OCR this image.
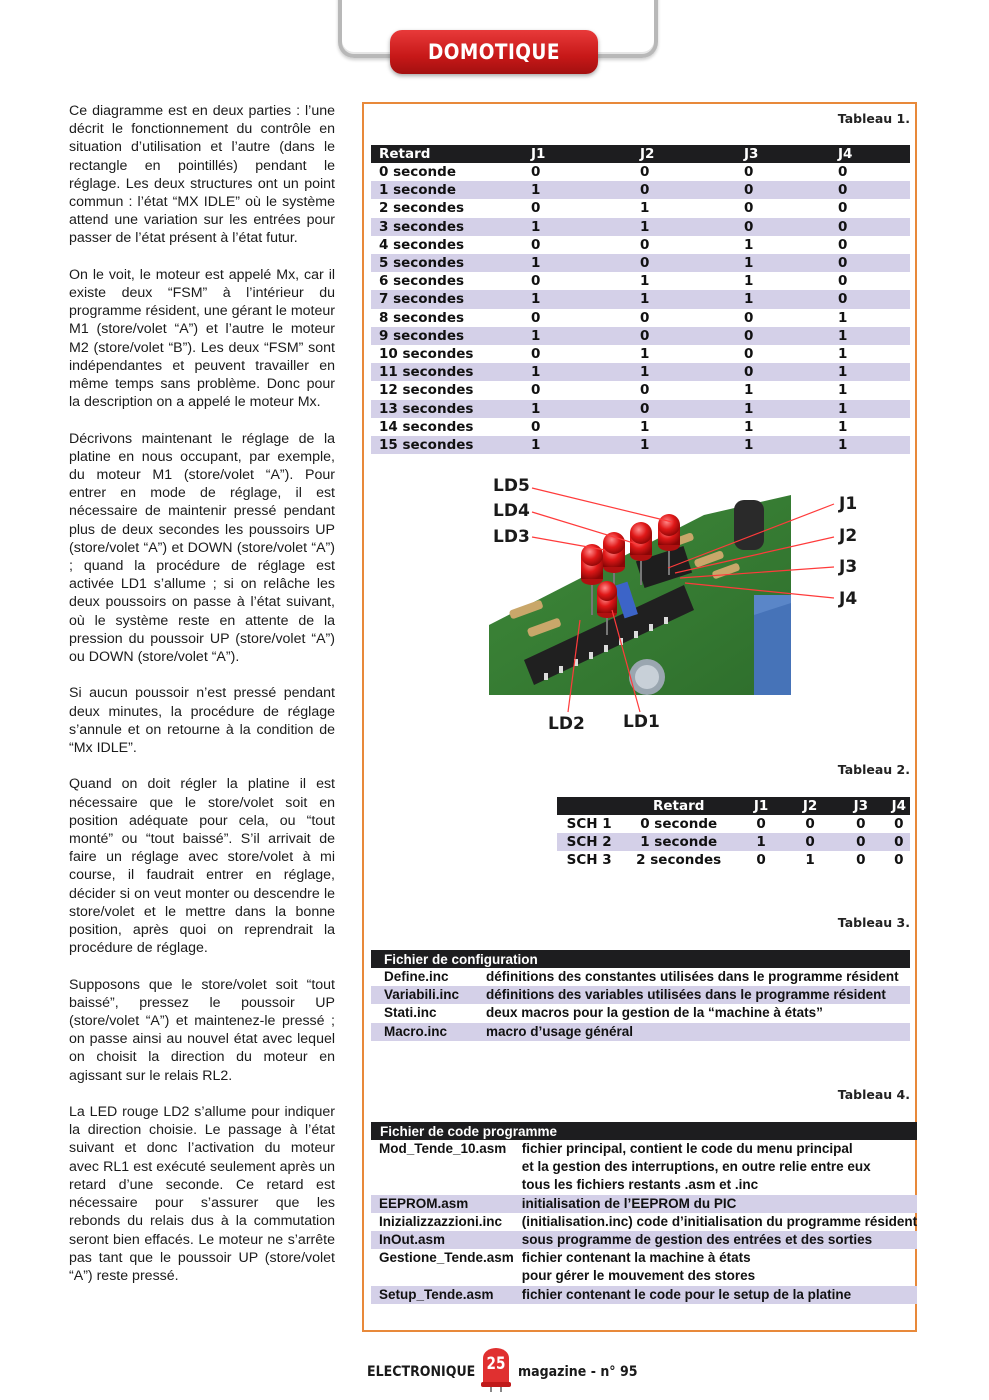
DOMOTIQUE

Ce diagramme est en deux parties : l’une décrit le fonctionnement du contrôle en situation d’utilisation et l’autre (dans le rectangle en pointillés) pendant le réglage. Les deux structures ont un point commun : l’état “MX IDLE” où le système attend une variation sur les entrées pour passer de l’état présent à l’état futur.

On le voit, le moteur est appelé Mx, car il existe deux “FSM” à l’intérieur du programme résident, une gérant le moteur M1 (store/volet “A”) et l’autre le moteur M2 (store/volet “B”). Les deux “FSM” sont indépendantes et peuvent travailler en même temps sans problème. Donc pour la description on a appelé le moteur Mx.

Décrivons maintenant le réglage de la platine en nous occupant, par exemple, du moteur M1 (store/volet “A”). Pour entrer en mode de réglage, il est nécessaire de maintenir pressé pendant plus de deux secondes les poussoirs UP (store/volet “A”) et DOWN (store/volet “A”) ; quand la procédure de réglage est activée LD1 s’allume ; si on relâche les deux poussoirs on passe à l’état suivant, où le système reste en attente de la pression du poussoir UP (store/volet “A”) ou DOWN (store/volet “A”).

Si aucun poussoir n’est pressé pendant deux minutes, la procédure de réglage s’annule et on retourne à la condition de “Mx IDLE”.

Quand on doit régler la platine il est nécessaire que le store/volet soit en position adéquate pour cela, ou “tout monté” ou “tout baissé”. S’il arrivait de faire un réglage avec store/volet à mi course, il faudrait entrer en réglage, décider si on veut monter ou descendre le store/volet et le mettre dans la bonne position, après quoi on reprendrait la procédure de réglage.

Supposons que le store/volet soit “tout baissé”, pressez le poussoir UP (store/volet “A”) et maintenez-le pressé ; on passe ainsi au nouvel état avec lequel on choisit la direction du moteur en agissant sur le relais RL2.

La LED rouge LD2 s’allume pour indiquer la direction choisie. Le passage à l’état suivant et donc l’activation du moteur avec RL1 est exécuté seulement après un retard d’une seconde. Ce retard est nécessaire pour s’assurer que les rebonds du relais dus à la commutation seront bien effacés. Le moteur ne s’arrête pas tant que le poussoir UP (store/volet “A”) reste pressé.

Tableau 1.
Retard	J1	J2	J3	J4
0 seconde	0	0	0	0
1 seconde	1	0	0	0
2 secondes	0	1	0	0
3 secondes	1	1	0	0
4 secondes	0	0	1	0
5 secondes	1	0	1	0
6 secondes	0	1	1	0
7 secondes	1	1	1	0
8 secondes	0	0	0	1
9 secondes	1	0	0	1
10 secondes	0	1	0	1
11 secondes	1	1	0	1
12 secondes	0	0	1	1
13 secondes	1	0	1	1
14 secondes	0	1	1	1
15 secondes	1	1	1	1
LD5
LD4
LD3
J1
J2
J3
J4
LD2 LD1
Tableau 2.
	Retard	J1	J2	J3	J4
SCH 1	0 seconde	0	0	0	0
SCH 2	1 seconde	1	0	0	0
SCH 3	2 secondes	0	1	0	0
Tableau 3.
Fichier de configuration	
Define.inc	définitions des constantes utilisées dans le programme résident
Variabili.inc	définitions des variables utilisées dans le programme résident
Stati.inc	deux macros pour la gestion de la “machine à états”
Macro.inc	macro d’usage général
Tableau 4.
Fichier de code programme	
Mod_Tende_10.asm	fichier principal, contient le code du menu principal
et la gestion des interruptions, en outre relie entre eux
tous les fichiers restants .asm et .inc

EEPROM.asm	initialisation de l’EEPROM du PIC

Inizializzazzioni.inc	(initialisation.inc) code d’initialisation du programme résident

InOut.asm	sous programme de gestion des entrées et des sorties

Gestione_Tende.asm	fichier contenant la machine à états
pour gérer le mouvement des stores

Setup_Tende.asm	fichier contenant le code pour le setup de la platine
ELECTRONIQUE 25 magazine - n° 95
